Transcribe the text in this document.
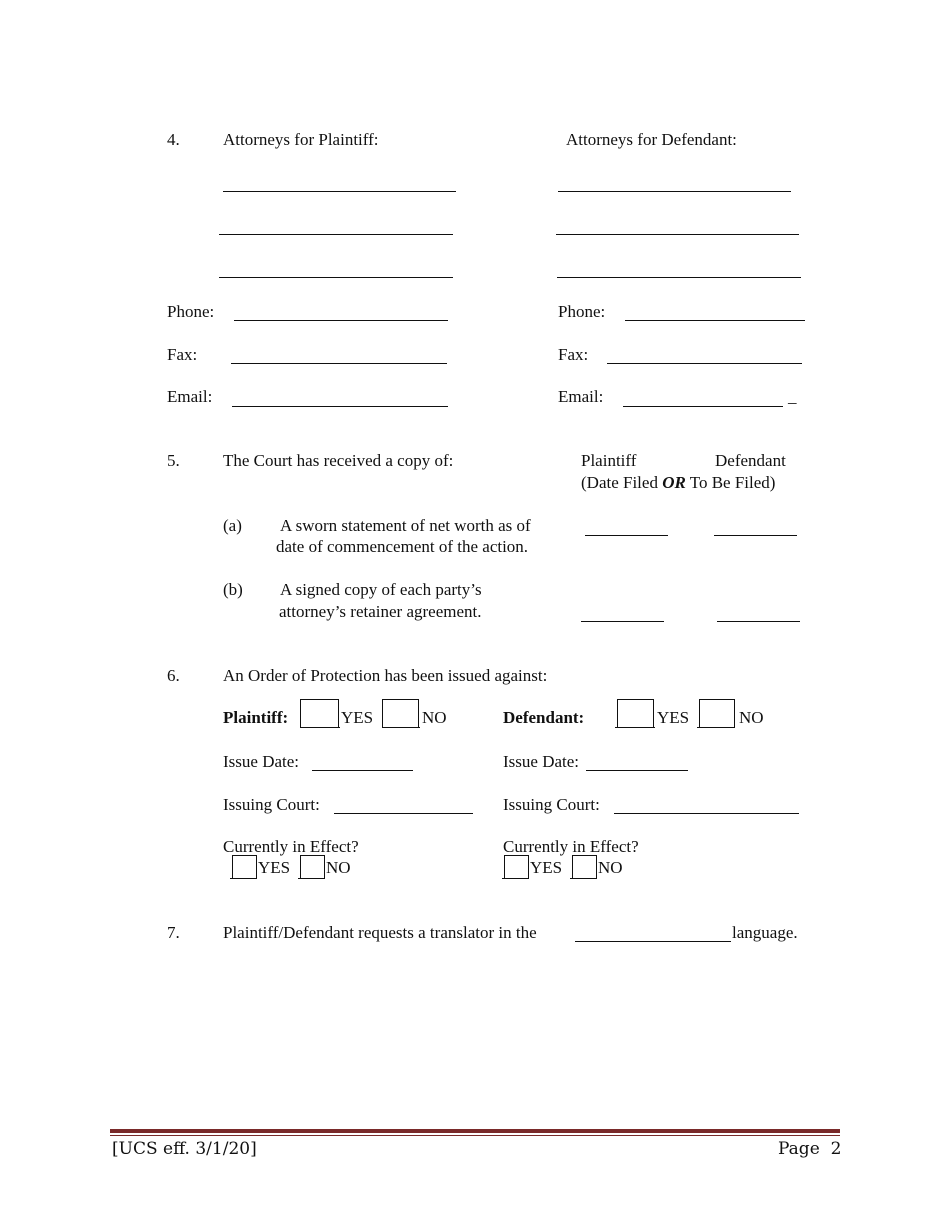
4.	Attorneys for Plaintiff:	Attorneys for Defendant:
Phone:	Phone:
Fax:	Fax:
Email:	Email:	_
5.	The Court has received a copy of:	Plaintiff	Defendant
(Date Filed OR To Be Filed)
(a) A sworn statement of net worth as of
date of commencement of the action.
(b) A signed copy of each party’s
attorney’s retainer agreement.
6.	An Order of Protection has been issued against:
Plaintiff:	YES	NO	Defendant:	YES	NO
Issue Date:	Issue Date:
Issuing Court:	Issuing Court:
Currently in Effect?
YES NO
Currently in Effect?
YES NO
7.	Plaintiff/Defendant requests a translator in the	language.
[UCS eff. 3/1/20]	Page 2
